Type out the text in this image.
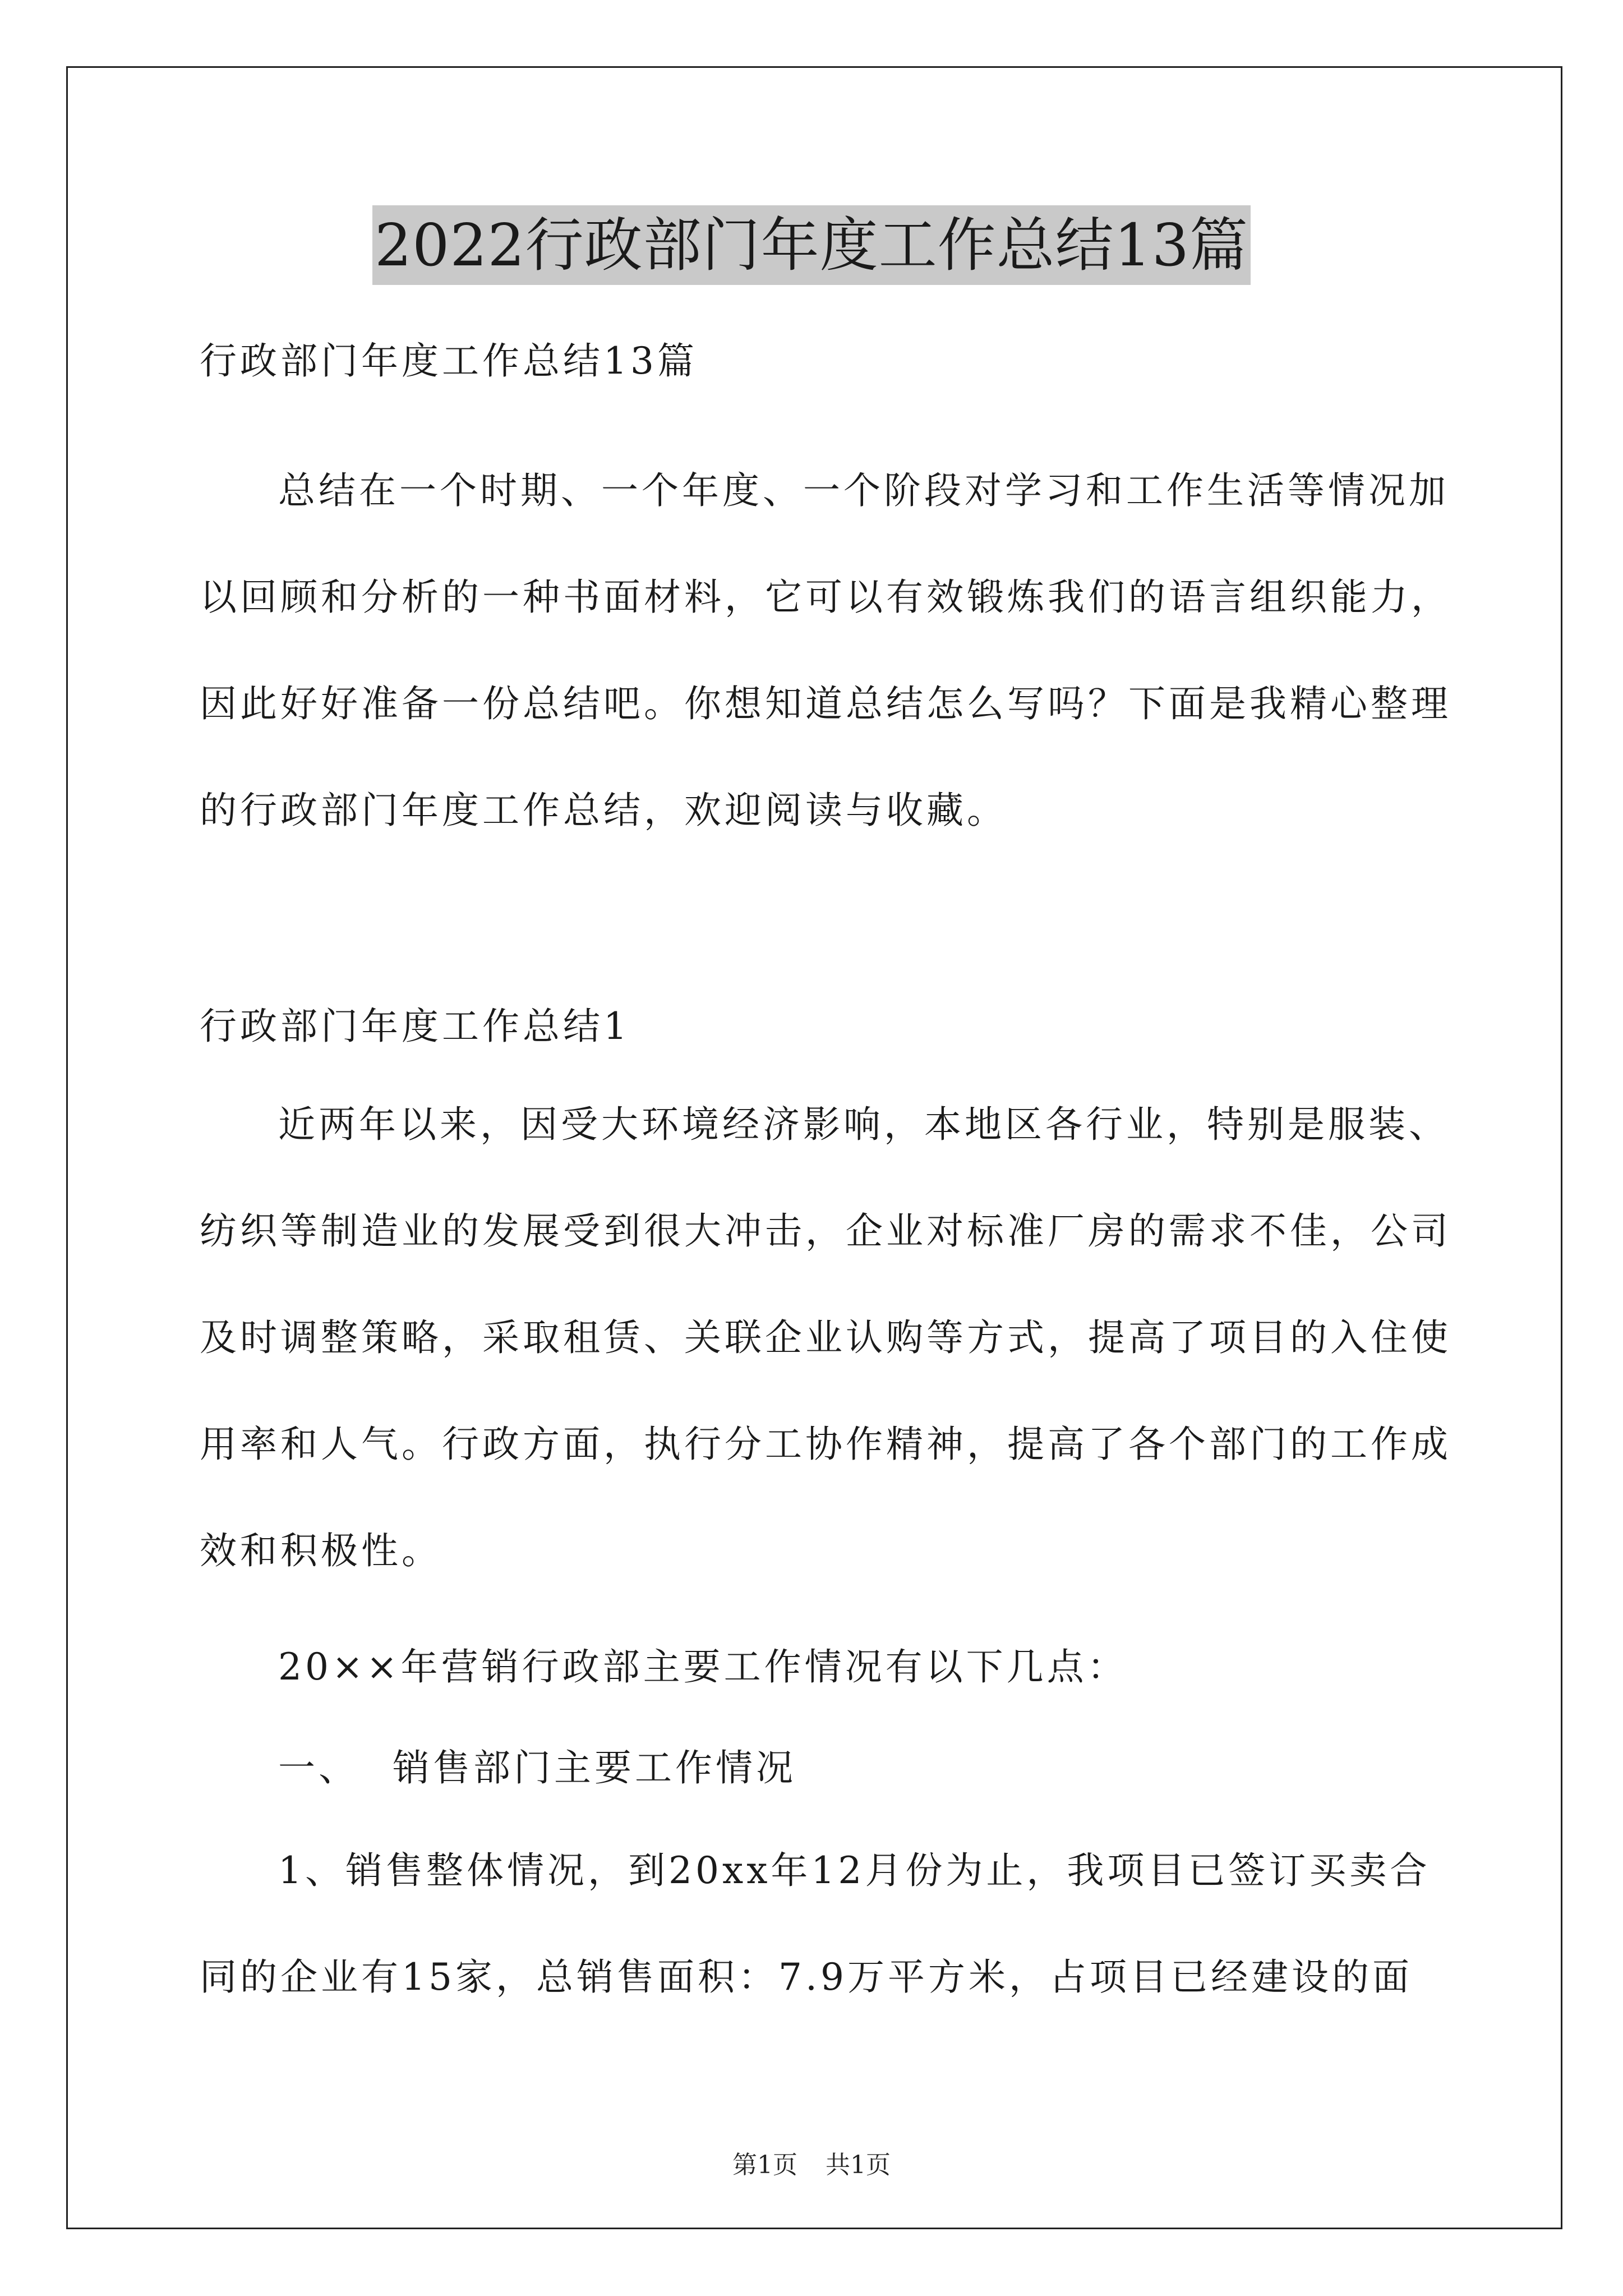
2022行政部门年度工作总结13篇
行政部门年度工作总结13篇

总结在一个时期、一个年度、一个阶段对学习和工作生活等情况加以回顾和分析的一种书面材料，它可以有效锻炼我们的语言组织能力，因此好好准备一份总结吧。你想知道总结怎么写吗？下面是我精心整理的行政部门年度工作总结，欢迎阅读与收藏。

行政部门年度工作总结1

近两年以来，因受大环境经济影响，本地区各行业，特别是服装、纺织等制造业的发展受到很大冲击，企业对标准厂房的需求不佳，公司及时调整策略，采取租赁、关联企业认购等方式，提高了项目的入住使用率和人气。行政方面，执行分工协作精神，提高了各个部门的工作成效和积极性。

20××年营销行政部主要工作情况有以下几点：
一、 销售部门主要工作情况

1、销售整体情况，到20xx年12月份为止，我项目已签订买卖合同的企业有15家，总销售面积：7.9万平方米，占项目已经建设的面

第1页 共1页
